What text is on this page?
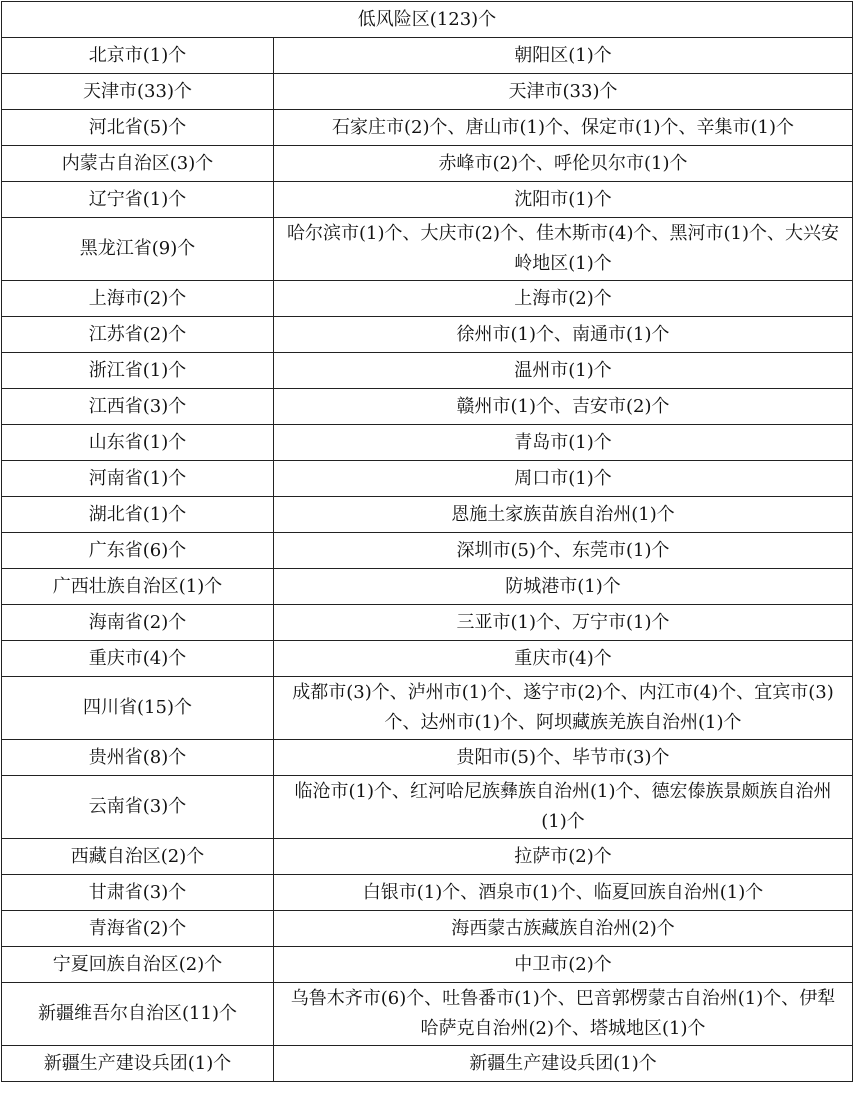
低风险区(123)个	
北京市(1)个	朝阳区(1)个
天津市(33)个	天津市(33)个
河北省(5)个	石家庄市(2)个、唐山市(1)个、保定市(1)个、辛集市(1)个
内蒙古自治区(3)个	赤峰市(2)个、呼伦贝尔市(1)个
辽宁省(1)个	沈阳市(1)个
黑龙江省(9)个	哈尔滨市(1)个、大庆市(2)个、佳木斯市(4)个、黑河市(1)个、大兴安岭地区(1)个
上海市(2)个	上海市(2)个
江苏省(2)个	徐州市(1)个、南通市(1)个
浙江省(1)个	温州市(1)个
江西省(3)个	赣州市(1)个、吉安市(2)个
山东省(1)个	青岛市(1)个
河南省(1)个	周口市(1)个
湖北省(1)个	恩施土家族苗族自治州(1)个
广东省(6)个	深圳市(5)个、东莞市(1)个
广西壮族自治区(1)个	防城港市(1)个
海南省(2)个	三亚市(1)个、万宁市(1)个
重庆市(4)个	重庆市(4)个
四川省(15)个	成都市(3)个、泸州市(1)个、遂宁市(2)个、内江市(4)个、宜宾市(3)个、达州市(1)个、阿坝藏族羌族自治州(1)个
贵州省(8)个	贵阳市(5)个、毕节市(3)个
云南省(3)个	临沧市(1)个、红河哈尼族彝族自治州(1)个、德宏傣族景颇族自治州(1)个
西藏自治区(2)个	拉萨市(2)个
甘肃省(3)个	白银市(1)个、酒泉市(1)个、临夏回族自治州(1)个
青海省(2)个	海西蒙古族藏族自治州(2)个
宁夏回族自治区(2)个	中卫市(2)个
新疆维吾尔自治区(11)个	乌鲁木齐市(6)个、吐鲁番市(1)个、巴音郭楞蒙古自治州(1)个、伊犁哈萨克自治州(2)个、塔城地区(1)个
新疆生产建设兵团(1)个	新疆生产建设兵团(1)个
